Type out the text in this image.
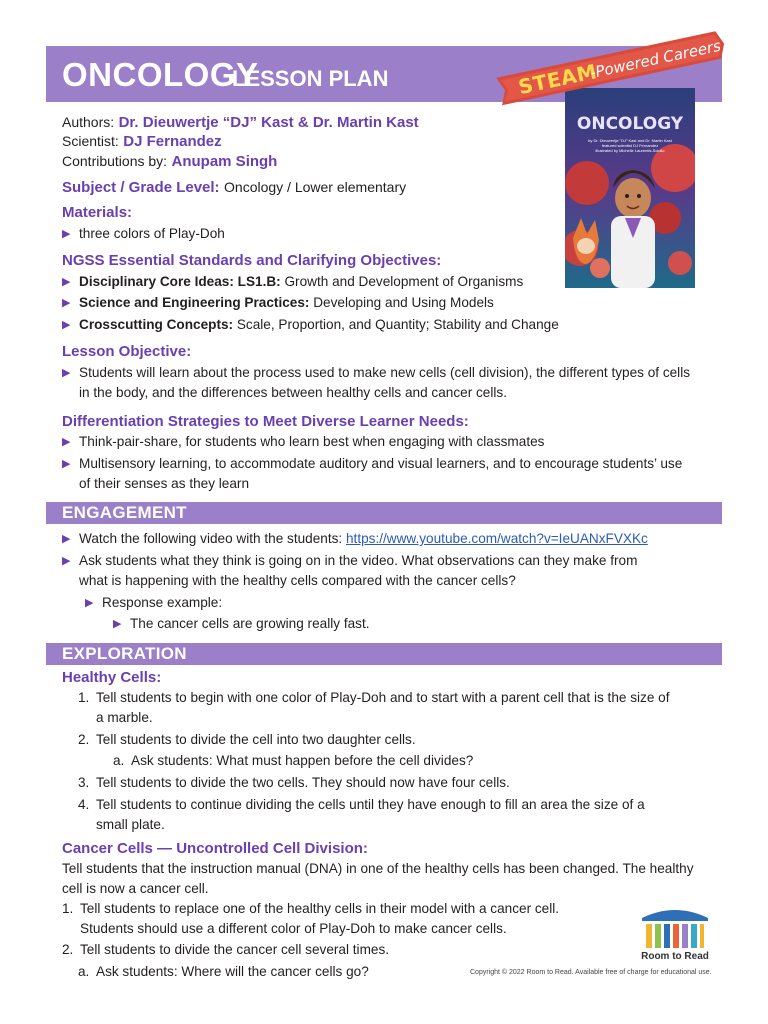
ONCOLOGY
LESSON PLAN
ONCOLOGY
by Dr. Dieuwertje "DJ" Kast and Dr. Martin Kast
featured scientist DJ Fernandez
illustrated by Michelle Laurentis-Sciullo
STEAM
-Powered Careers
Authors: Dr. Dieuwertje “DJ” Kast & Dr. Martin Kast
Scientist: DJ Fernandez
Contributions by: Anupam Singh
Subject / Grade Level: Oncology / Lower elementary
Materials:
▶ three colors of Play-Doh
NGSS Essential Standards and Clarifying Objectives:
▶ Disciplinary Core Ideas: LS1.B: Growth and Development of Organisms
▶ Science and Engineering Practices: Developing and Using Models
▶ Crosscutting Concepts: Scale, Proportion, and Quantity; Stability and Change
Lesson Objective:
▶ Students will learn about the process used to make new cells (cell division), the different types of cells
in the body, and the differences between healthy cells and cancer cells.
Differentiation Strategies to Meet Diverse Learner Needs:
▶ Think-pair-share, for students who learn best when engaging with classmates
▶ Multisensory learning, to accommodate auditory and visual learners, and to encourage students’ use
of their senses as they learn
ENGAGEMENT
▶ Watch the following video with the students: https://www.youtube.com/watch?v=IeUANxFVXKc
▶ Ask students what they think is going on in the video. What observations can they make from
what is happening with the healthy cells compared with the cancer cells?
▶ Response example:
▶ The cancer cells are growing really fast.
EXPLORATION
Healthy Cells:
1. Tell students to begin with one color of Play-Doh and to start with a parent cell that is the size of
a marble.
2. Tell students to divide the cell into two daughter cells.
a. Ask students: What must happen before the cell divides?
3. Tell students to divide the two cells. They should now have four cells.
4. Tell students to continue dividing the cells until they have enough to fill an area the size of a
small plate.
Cancer Cells — Uncontrolled Cell Division:
Tell students that the instruction manual (DNA) in one of the healthy cells has been changed. The healthy
cell is now a cancer cell.
1. Tell students to replace one of the healthy cells in their model with a cancer cell.
Students should use a different color of Play-Doh to make cancer cells.
2. Tell students to divide the cancer cell several times.
a. Ask students: Where will the cancer cells go?
Room to Read
Copyright © 2022 Room to Read. Available free of charge for educational use.
